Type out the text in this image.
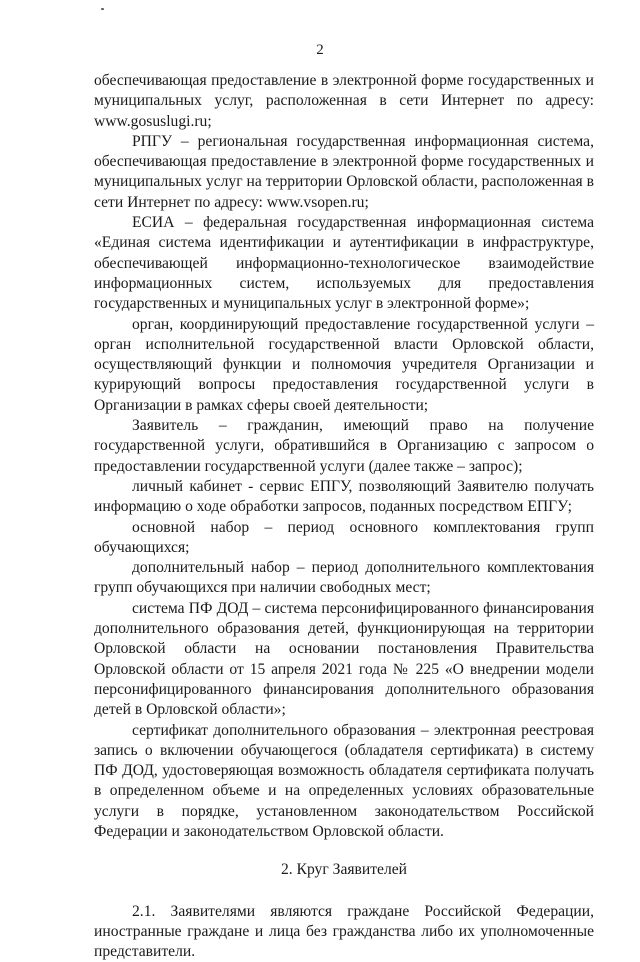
2

обеспечивающая предоставление в электронной форме государственных и муниципальных услуг, расположенная в сети Интернет по адресу: www.gosuslugi.ru;

РПГУ – региональная государственная информационная система, обеспечивающая предоставление в электронной форме государственных и муниципальных услуг на территории Орловской области, расположенная в сети Интернет по адресу: www.vsopen.ru;

ЕСИА – федеральная государственная информационная система «Единая система идентификации и аутентификации в инфраструктуре, обеспечивающей информационно-технологическое взаимодействие информационных систем, используемых для предоставления государственных и муниципальных услуг в электронной форме»;

орган, координирующий предоставление государственной услуги – орган исполнительной государственной власти Орловской области, осуществляющий функции и полномочия учредителя Организации и курирующий вопросы предоставления государственной услуги в Организации в рамках сферы своей деятельности;

Заявитель – гражданин, имеющий право на получение государственной услуги, обратившийся в Организацию с запросом о предоставлении государственной услуги (далее также – запрос);

личный кабинет - сервис ЕПГУ, позволяющий Заявителю получать информацию о ходе обработки запросов, поданных посредством ЕПГУ;

основной набор – период основного комплектования групп обучающихся;

дополнительный набор – период дополнительного комплектования групп обучающихся при наличии свободных мест;

система ПФ ДОД – система персонифицированного финансирования дополнительного образования детей, функционирующая на территории Орловской области на основании постановления Правительства Орловской области от 15 апреля 2021 года № 225 «О внедрении модели персонифицированного финансирования дополнительного образования детей в Орловской области»;

сертификат дополнительного образования – электронная реестровая запись о включении обучающегося (обладателя сертификата) в систему ПФ ДОД, удостоверяющая возможность обладателя сертификата получать в определенном объеме и на определенных условиях образовательные услуги в порядке, установленном законодательством Российской Федерации и законодательством Орловской области.

2. Круг Заявителей

2.1. Заявителями являются граждане Российской Федерации, иностранные граждане и лица без гражданства либо их уполномоченные представители.
